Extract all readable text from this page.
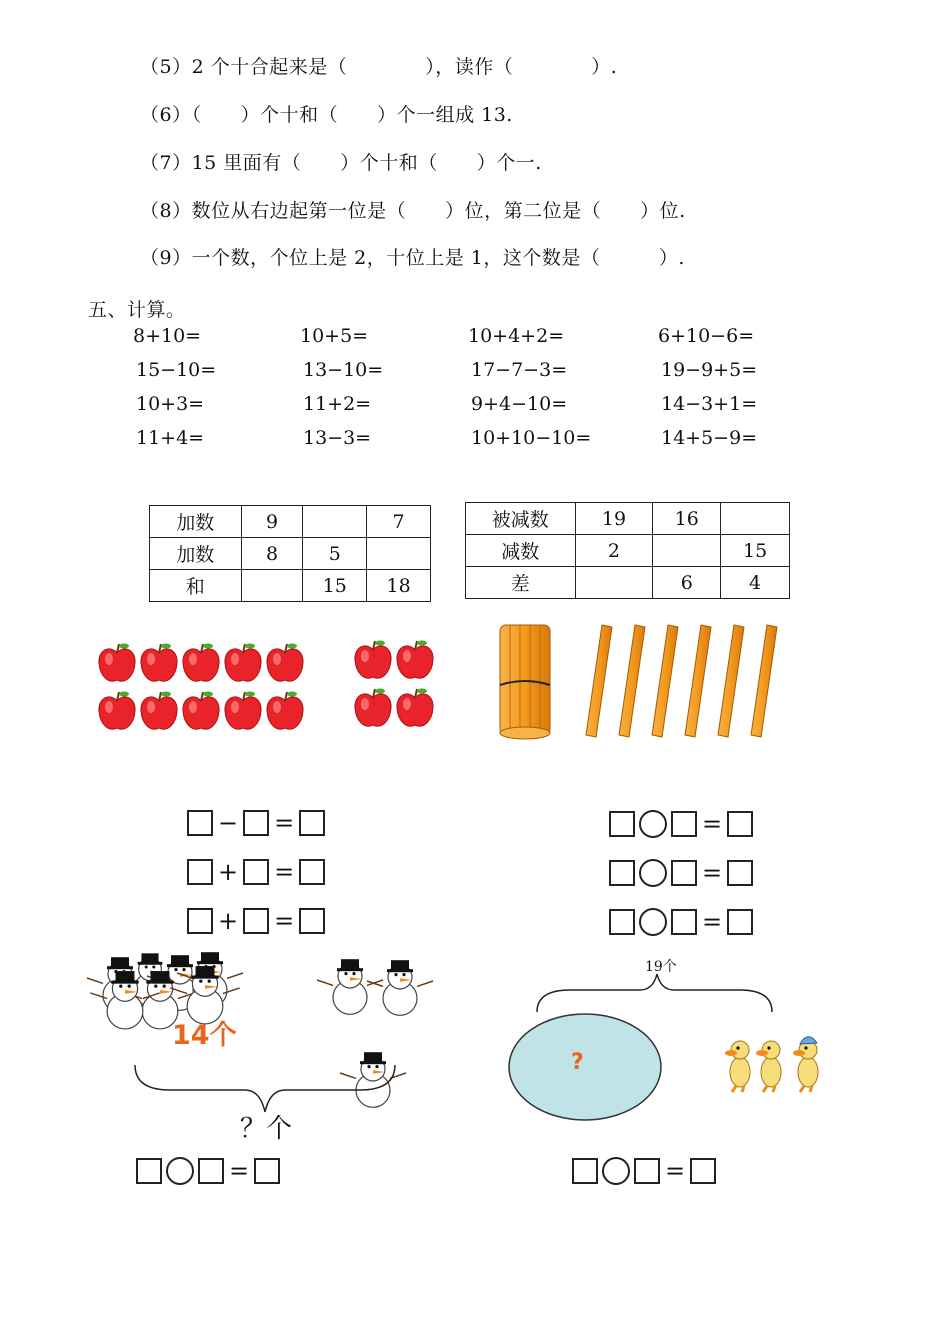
（5）2 个十合起来是（　　　　），读作（　　　　）.
（6）（　　）个十和（　　）个一组成 13.
（7）15 里面有（　　）个十和（　　）个一.
（8）数位从右边起第一位是（　　）位，第二位是（　　）位.
（9）一个数，个位上是 2，十位上是 1，这个数是（　　　）.
五、计算。
8+10=	10+5=	10+4+2=	6+10−6=
15−10=	13−10=	17−7−3=	19−9+5=
10+3=	11+2=	9+4−10=	14−3+1=
11+4=	13−3=	10+10−10=	14+5−9=
加数	9		7
加数	8	5	
和		15	18
被减数	19	16	
减数	2		15
差		6	4
− =
+ =
+ =
=
=
=
=
=
14个
？个
19个
?
